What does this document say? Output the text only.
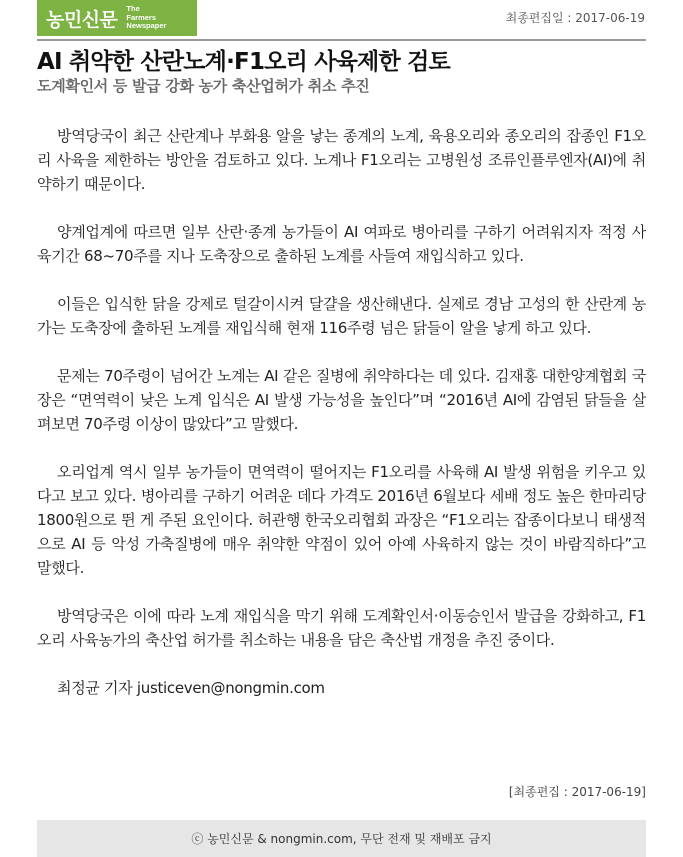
농민신문 The
Farmers
Newspaper
최종편집일 : 2017-06-19
AI 취약한 산란노계·F1오리 사육제한 검토
도계확인서 등 발급 강화 농가 축산업허가 취소 추진

방역당국이 최근 산란계나 부화용 알을 낳는 종계의 노계, 육용오리와 종오리의 잡종인 F1오리 사육을 제한하는 방안을 검토하고 있다. 노계나 F1오리는 고병원성 조류인플루엔자(AI)에 취약하기 때문이다.

양계업계에 따르면 일부 산란·종계 농가들이 AI 여파로 병아리를 구하기 어려워지자 적정 사육기간 68~70주를 지나 도축장으로 출하된 노계를 사들여 재입식하고 있다.

이들은 입식한 닭을 강제로 털갈이시켜 달걀을 생산해낸다. 실제로 경남 고성의 한 산란계 농가는 도축장에 출하된 노계를 재입식해 현재 116주령 넘은 닭들이 알을 낳게 하고 있다.

문제는 70주령이 넘어간 노계는 AI 같은 질병에 취약하다는 데 있다. 김재홍 대한양계협회 국장은 “면역력이 낮은 노계 입식은 AI 발생 가능성을 높인다”며 “2016년 AI에 감염된 닭들을 살펴보면 70주령 이상이 많았다”고 말했다.

오리업계 역시 일부 농가들이 면역력이 떨어지는 F1오리를 사육해 AI 발생 위험을 키우고 있다고 보고 있다. 병아리를 구하기 어려운 데다 가격도 2016년 6월보다 세배 정도 높은 한마리당 1800원으로 뛴 게 주된 요인이다. 허관행 한국오리협회 과장은 “F1오리는 잡종이다보니 태생적으로 AI 등 악성 가축질병에 매우 취약한 약점이 있어 아예 사육하지 않는 것이 바람직하다”고 말했다.

방역당국은 이에 따라 노계 재입식을 막기 위해 도계확인서·이동승인서 발급을 강화하고, F1오리 사육농가의 축산업 허가를 취소하는 내용을 담은 축산법 개정을 추진 중이다.

최정균 기자 justiceven@nongmin.com

[최종편집 : 2017-06-19]
ⓒ 농민신문 & nongmin.com, 무단 전재 및 재배포 금지
